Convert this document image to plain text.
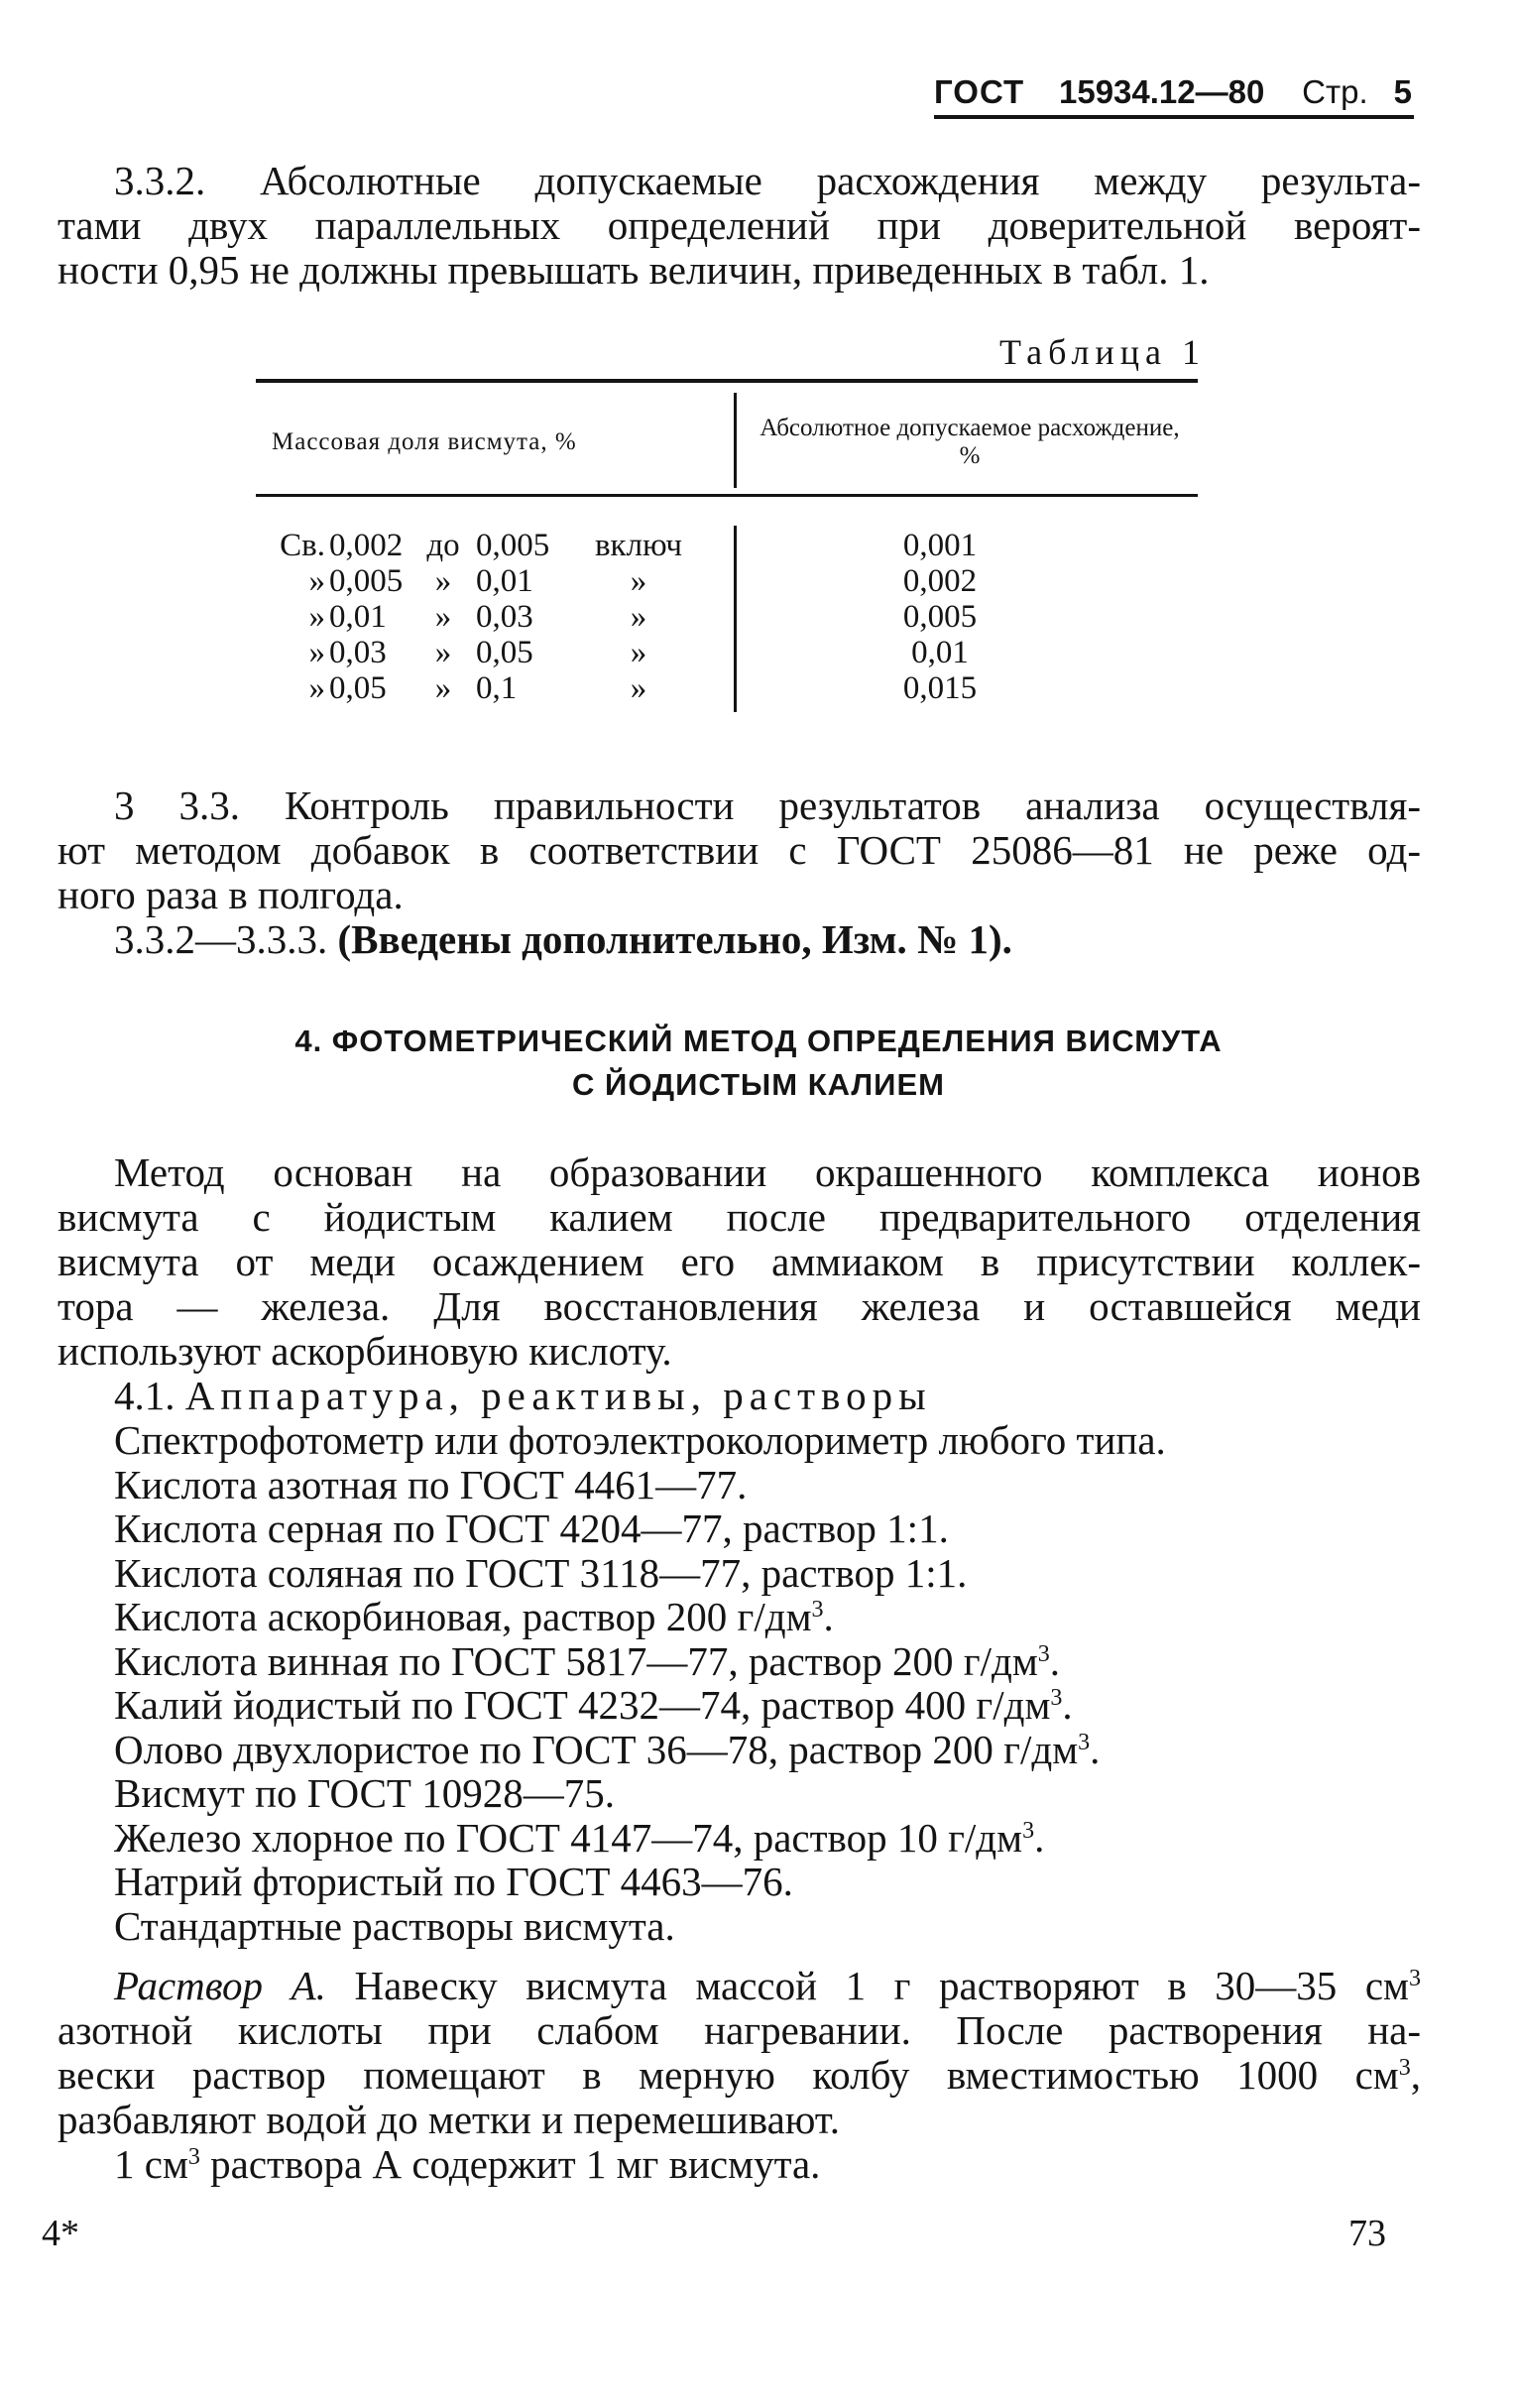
ГОСТ 15934.12—80 Стр. 5
3.3.2. Абсолютные допускаемые расхождения между результа-
тами двух параллельных определений при доверительной вероят-
ности 0,95 не должны превышать величин, приведенных в табл. 1.
Таблица 1
Массовая доля висмута, %
Абсолютное допускаемое расхождение, %
Св. 0,002 до 0,005	включ	0,001
» 0,005 » 0,01	»	0,002
» 0,01	» 0,03	»	0,005
» 0,03	» 0,05	»	0,01
» 0,05	» 0,1	»	0,015
3 3.3. Контроль правильности результатов анализа осуществля-
ют методом добавок в соответствии с ГОСТ 25086—81 не реже од-
ного раза в полгода.
3.3.2—3.3.3. (Введены дополнительно, Изм. № 1).
4. ФОТОМЕТРИЧЕСКИЙ МЕТОД ОПРЕДЕЛЕНИЯ ВИСМУТА
С ЙОДИСТЫМ КАЛИЕМ
Метод основан на образовании окрашенного комплекса ионов
висмута с йодистым калием после предварительного отделения
висмута от меди осаждением его аммиаком в присутствии коллек-
тора — железа. Для восстановления железа и оставшейся меди
используют аскорбиновую кислоту.
4.1. Аппаратура, реактивы, растворы
Спектрофотометр или фотоэлектроколориметр любого типа.
Кислота азотная по ГОСТ 4461—77.
Кислота серная по ГОСТ 4204—77, раствор 1:1.
Кислота соляная по ГОСТ 3118—77, раствор 1:1.
Кислота аскорбиновая, раствор 200 $г/дм^3$.
Кислота винная по ГОСТ 5817—77, раствор 200 $г/дм^3$.
Калий йодистый по ГОСТ 4232—74, раствор 400 $г/дм^3$.
Олово двухлористое по ГОСТ 36—78, раствор 200 $г/дм^3$.
Висмут по ГОСТ 10928—75.
Железо хлорное по ГОСТ 4147—74, раствор 10 $г/дм^3$.
Натрий фтористый по ГОСТ 4463—76.
Стандартные растворы висмута.
Раствор А. Навеску висмута массой 1 г растворяют в 30—35 $см^3$
азотной кислоты при слабом нагревании. После растворения на-
вески раствор помещают в мерную колбу вместимостью 1000 $см^3$,
разбавляют водой до метки и перемешивают.
1 $см^3$ раствора А содержит 1 мг висмута.
4*	73
